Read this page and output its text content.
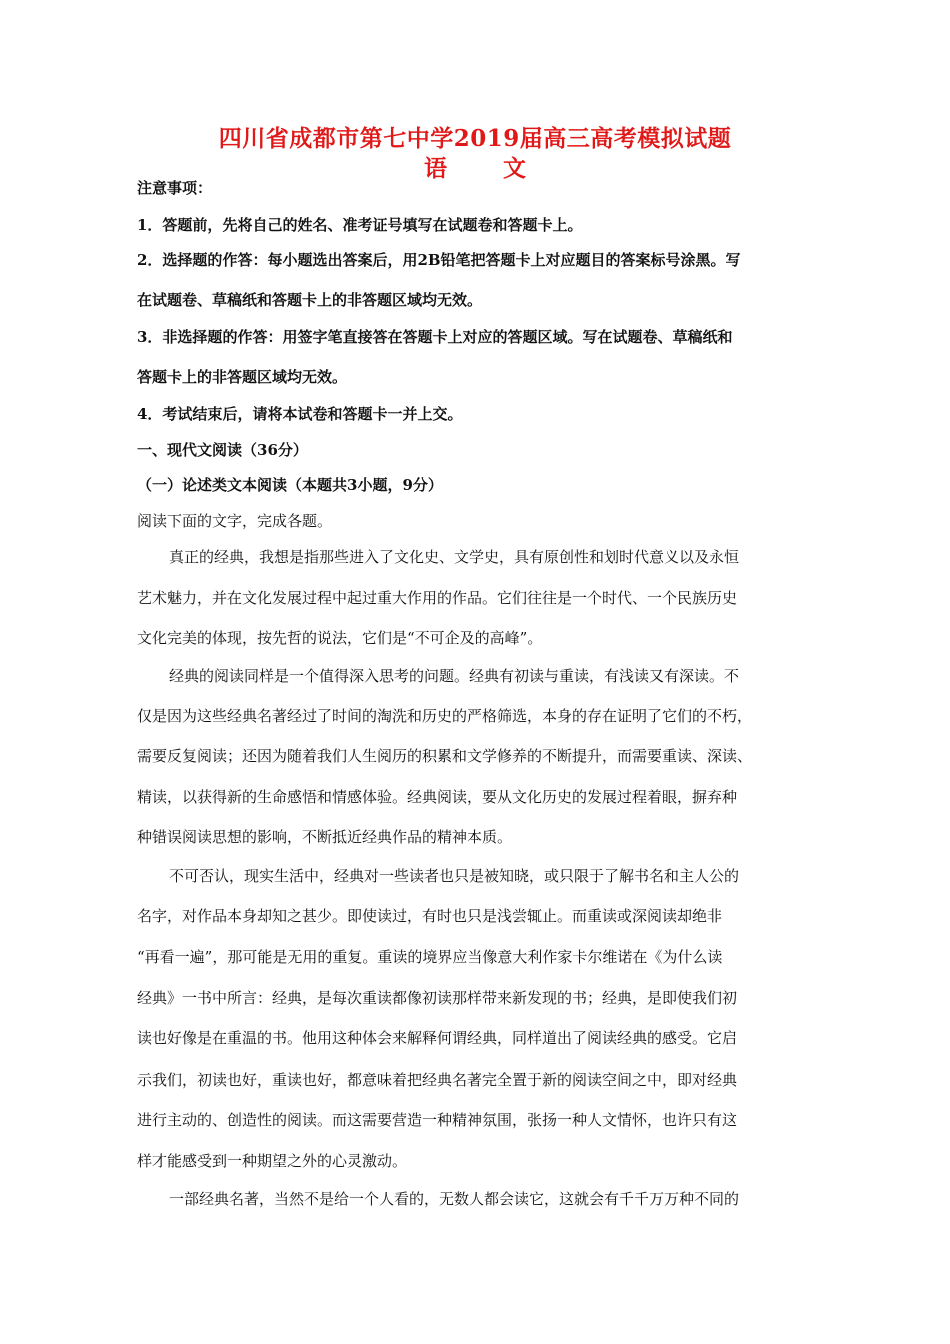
四川省成都市第七中学2019届高三高考模拟试题
语 文
注意事项：
1．答题前，先将自己的姓名、准考证号填写在试题卷和答题卡上。
2．选择题的作答：每小题选出答案后，用2B铅笔把答题卡上对应题目的答案标号涂黑。写
在试题卷、草稿纸和答题卡上的非答题区域均无效。
3．非选择题的作答：用签字笔直接答在答题卡上对应的答题区域。写在试题卷、草稿纸和
答题卡上的非答题区域均无效。
4．考试结束后，请将本试卷和答题卡一并上交。
一、现代文阅读（36分）
（一）论述类文本阅读（本题共3小题，9分）
阅读下面的文字，完成各题。
真正的经典，我想是指那些进入了文化史、文学史，具有原创性和划时代意义以及永恒
艺术魅力，并在文化发展过程中起过重大作用的作品。它们往往是一个时代、一个民族历史
文化完美的体现，按先哲的说法，它们是“不可企及的高峰”。
经典的阅读同样是一个值得深入思考的问题。经典有初读与重读，有浅读又有深读。不
仅是因为这些经典名著经过了时间的淘洗和历史的严格筛选，本身的存在证明了它们的不朽，
需要反复阅读；还因为随着我们人生阅历的积累和文学修养的不断提升，而需要重读、深读、
精读，以获得新的生命感悟和情感体验。经典阅读，要从文化历史的发展过程着眼，摒弃种
种错误阅读思想的影响，不断抵近经典作品的精神本质。
不可否认，现实生活中，经典对一些读者也只是被知晓，或只限于了解书名和主人公的
名字，对作品本身却知之甚少。即使读过，有时也只是浅尝辄止。而重读或深阅读却绝非
“再看一遍”，那可能是无用的重复。重读的境界应当像意大利作家卡尔维诺在《为什么读
经典》一书中所言：经典，是每次重读都像初读那样带来新发现的书；经典，是即使我们初
读也好像是在重温的书。他用这种体会来解释何谓经典，同样道出了阅读经典的感受。它启
示我们，初读也好，重读也好，都意味着把经典名著完全置于新的阅读空间之中，即对经典
进行主动的、创造性的阅读。而这需要营造一种精神氛围，张扬一种人文情怀，也许只有这
样才能感受到一种期望之外的心灵激动。
一部经典名著，当然不是给一个人看的，无数人都会读它，这就会有千千万万种不同的
